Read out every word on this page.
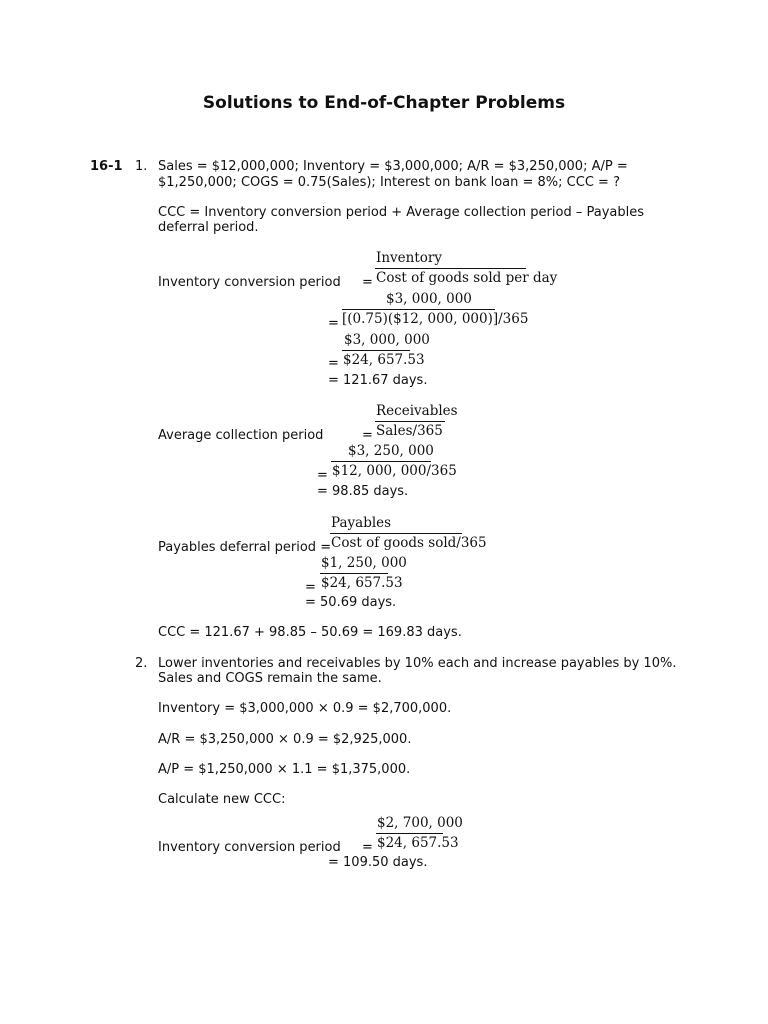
Solutions to End-of-Chapter Problems
16-1 1. Sales = $12,000,000; Inventory = $3,000,000; A/R = $3,250,000; A/P =
$1,250,000; COGS = 0.75(Sales); Interest on bank loan = 8%; CCC = ?
CCC = Inventory conversion period + Average collection period – Payables
deferral period.
Inventory conversion period =
Inventory
Cost of goods sold per day
$3, 000, 000
= [(0.75)($12, 000, 000)]/365
$3, 000, 000
= $24, 657.53
= 121.67 days.
Average collection period	=
Receivables
Sales/365
$3, 250, 000
= $12, 000, 000/365
= 98.85 days.
Payables deferral period =
Payables
Cost of goods sold/365
$1, 250, 000
= $24, 657.53
= 50.69 days.
CCC = 121.67 + 98.85 – 50.69 = 169.83 days.
2. Lower inventories and receivables by 10% each and increase payables by 10%.
Sales and COGS remain the same.
Inventory = $3,000,000 × 0.9 = $2,700,000.
A/R = $3,250,000 × 0.9 = $2,925,000.
A/P = $1,250,000 × 1.1 = $1,375,000.
Calculate new CCC:
Inventory conversion period =
$2, 700, 000
$24, 657.53
= 109.50 days.
